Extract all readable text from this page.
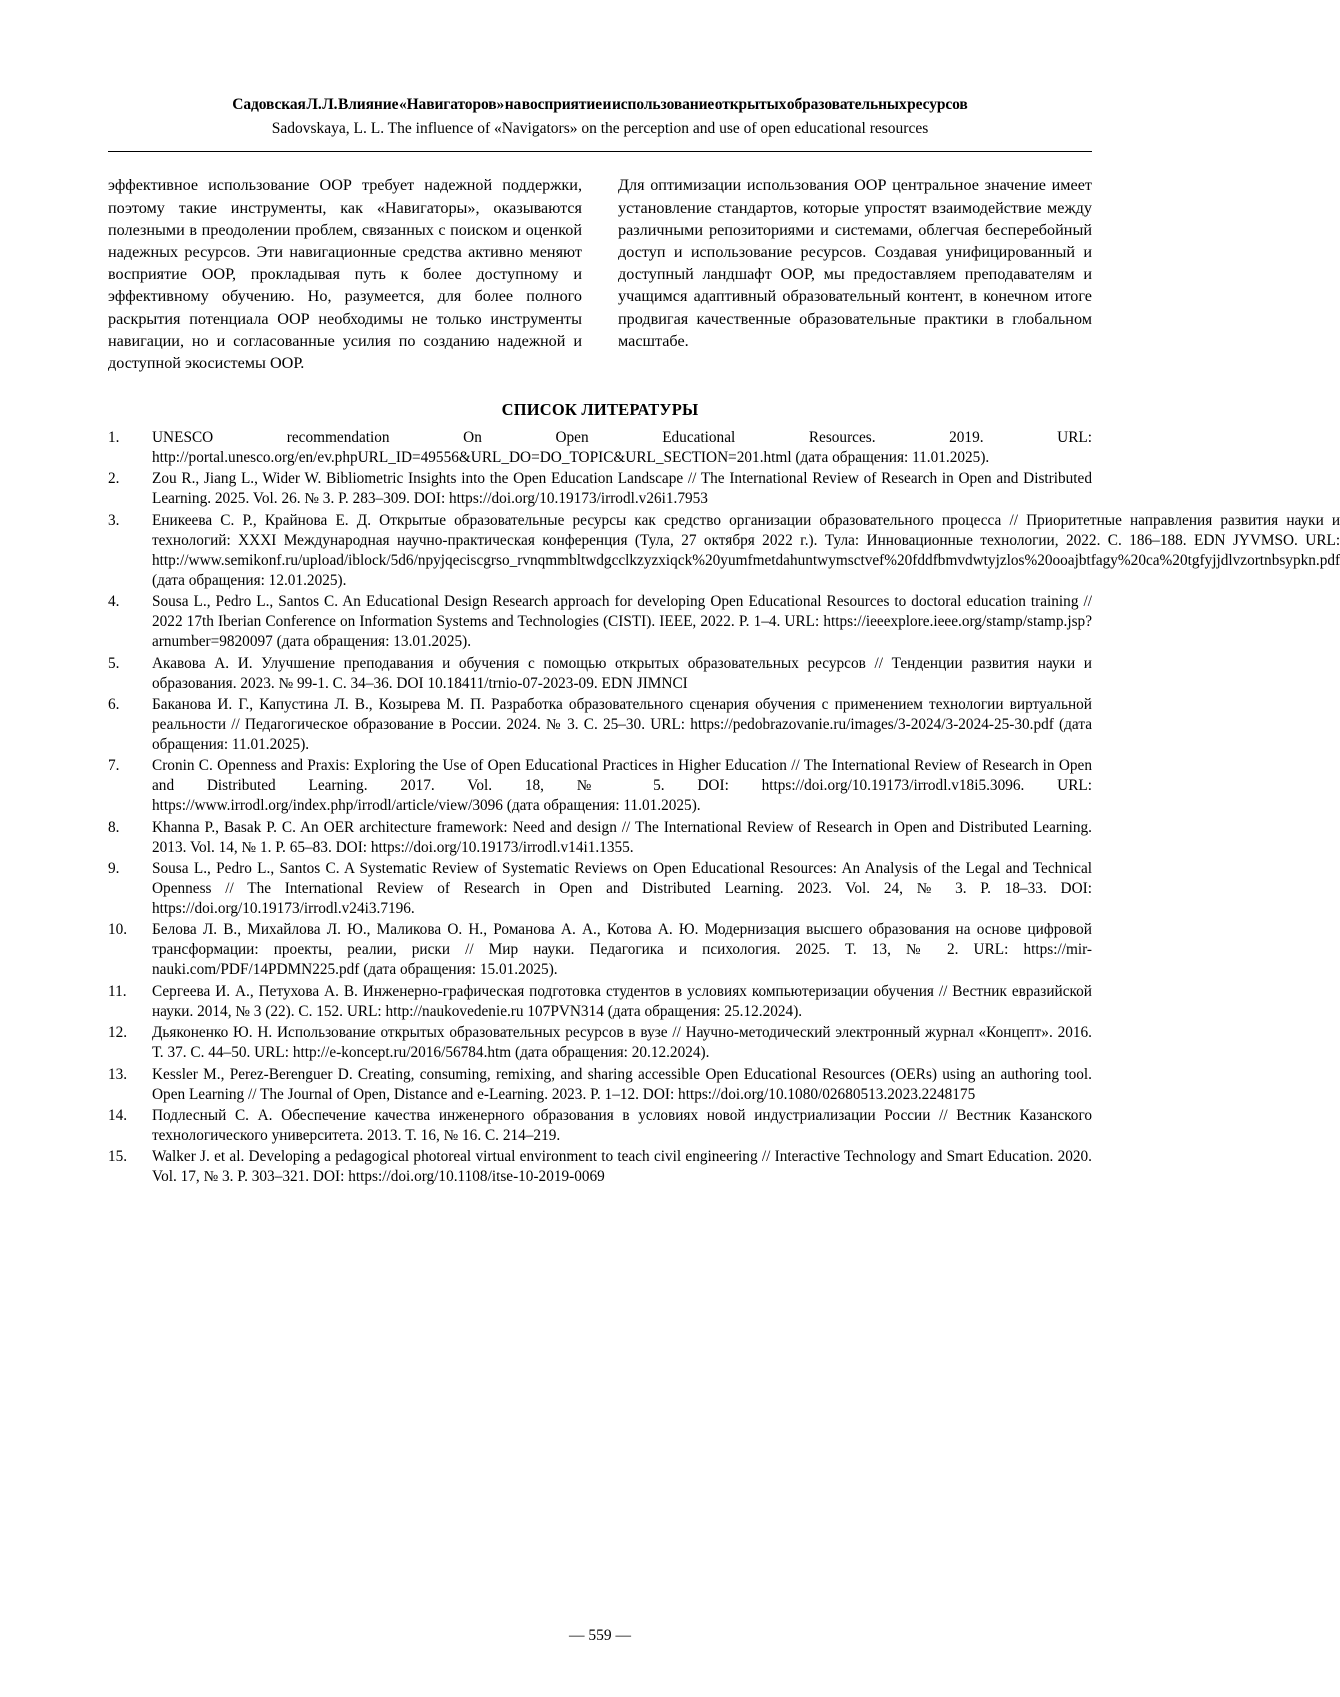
Садовская Л. Л. Влияние «Навигаторов» на восприятие и использование открытых образовательных ресурсов
Sadovskaya, L. L. The influence of «Navigators» on the perception and use of open educational resources

эффективное использование ООР требует надежной поддержки, поэтому такие инструменты, как «Навигаторы», оказываются полезными в преодолении проблем, связанных с поиском и оценкой надежных ресурсов. Эти навигационные средства активно меняют восприятие ООР, прокладывая путь к более доступному и эффективному обучению. Но, разумеется, для более полного раскрытия потенциала ООР необходимы не только инструменты навигации, но и согласованные усилия по созданию надежной и доступной экосистемы ООР.

Для оптимизации использования ООР центральное значение имеет установление стандартов, которые упростят взаимодействие между различными репозиториями и системами, облегчая бесперебойный доступ и использование ресурсов. Создавая унифицированный и доступный ландшафт ООР, мы предоставляем преподавателям и учащимся адаптивный образовательный контент, в конечном итоге продвигая качественные образовательные практики в глобальном масштабе.

СПИСОК ЛИТЕРАТУРЫ
1.	UNESCO recommendation On Open Educational Resources. 2019. URL: http://portal.unesco.org/en/ev.phpURL_ID=49556&URL_DO=DO_TOPIC&URL_SECTION=201.html (дата обращения: 11.01.2025).
2.	Zou R., Jiang L., Wider W. Bibliometric Insights into the Open Education Landscape // The International Review of Research in Open and Distributed Learning. 2025. Vol. 26. № 3. P. 283–309. DOI: https://doi.org/10.19173/irrodl.v26i1.7953
3.	Еникеева С. Р., Крайнова Е. Д. Открытые образовательные ресурсы как средство организации образовательного процесса // Приоритетные направления развития науки и технологий: XXXI Международная научно-практическая конференция (Тула, 27 октября 2022 г.). Тула: Инновационные технологии, 2022. С. 186–188. EDN JYVMSO. URL: http://www.semikonf.ru/upload/iblock/5d6/npyjqeciscgrso_rvnqmmbltwdgcclkzyzxiqck%20yumfmetdahuntwymsctvef%20fddfbmvdwtyjzlos%20ooajbtfagy%20ca%20tgfyjjdlvzortnbsypkn.pdf (дата обращения: 12.01.2025).
4.	Sousa L., Pedro L., Santos C. An Educational Design Research approach for developing Open Educational Resources to doctoral education training // 2022 17th Iberian Conference on Information Systems and Technologies (CISTI). IEEE, 2022. P. 1–4. URL: https://ieeexplore.ieee.org/stamp/stamp.jsp?arnumber=9820097 (дата обращения: 13.01.2025).
5.	Акавова А. И. Улучшение преподавания и обучения с помощью открытых образовательных ресурсов // Тенденции развития науки и образования. 2023. № 99-1. С. 34–36. DOI 10.18411/trnio-07-2023-09. EDN JIMNCI
6.	Баканова И. Г., Капустина Л. В., Козырева М. П. Разработка образовательного сценария обучения с применением технологии виртуальной реальности // Педагогическое образование в России. 2024. № 3. С. 25–30. URL: https://pedobrazovanie.ru/images/3-2024/3-2024-25-30.pdf (дата обращения: 11.01.2025).
7.	Cronin C. Openness and Praxis: Exploring the Use of Open Educational Practices in Higher Education // The International Review of Research in Open and Distributed Learning. 2017. Vol. 18, № 5. DOI: https://doi.org/10.19173/irrodl.v18i5.3096. URL: https://www.irrodl.org/index.php/irrodl/article/view/3096 (дата обращения: 11.01.2025).
8.	Khanna P., Basak P. C. An OER architecture framework: Need and design // The International Review of Research in Open and Distributed Learning. 2013. Vol. 14, № 1. P. 65–83. DOI: https://doi.org/10.19173/irrodl.v14i1.1355.
9.	Sousa L., Pedro L., Santos C. A Systematic Review of Systematic Reviews on Open Educational Resources: An Analysis of the Legal and Technical Openness // The International Review of Research in Open and Distributed Learning. 2023. Vol. 24, № 3. P. 18–33. DOI: https://doi.org/10.19173/irrodl.v24i3.7196.
10.	Белова Л. В., Михайлова Л. Ю., Маликова О. Н., Романова А. А., Котова А. Ю. Модернизация высшего образования на основе цифровой трансформации: проекты, реалии, риски // Мир науки. Педагогика и психология. 2025. Т. 13, № 2. URL: https://mir-nauki.com/PDF/14PDMN225.pdf (дата обращения: 15.01.2025).
11.	Сергеева И. А., Петухова А. В. Инженерно-графическая подготовка студентов в условиях компьютеризации обучения // Вестник евразийской науки. 2014, № 3 (22). С. 152. URL: http://naukovedenie.ru 107PVN314 (дата обращения: 25.12.2024).
12.	Дьяконенко Ю. Н. Использование открытых образовательных ресурсов в вузе // Научно-методический электронный журнал «Концепт». 2016. Т. 37. С. 44–50. URL: http://e-koncept.ru/2016/56784.htm (дата обращения: 20.12.2024).
13.	Kessler M., Perez-Berenguer D. Creating, consuming, remixing, and sharing accessible Open Educational Resources (OERs) using an authoring tool. Open Learning // The Journal of Open, Distance and e-Learning. 2023. P. 1–12. DOI: https://doi.org/10.1080/02680513.2023.2248175
14.	Подлесный С. А. Обеспечение качества инженерного образования в условиях новой индустриализации России // Вестник Казанского технологического университета. 2013. Т. 16, № 16. С. 214–219.
15.	Walker J. et al. Developing a pedagogical photoreal virtual environment to teach civil engineering // Interactive Technology and Smart Education. 2020. Vol. 17, № 3. P. 303–321. DOI: https://doi.org/10.1108/itse-10-2019-0069
— 559 —
